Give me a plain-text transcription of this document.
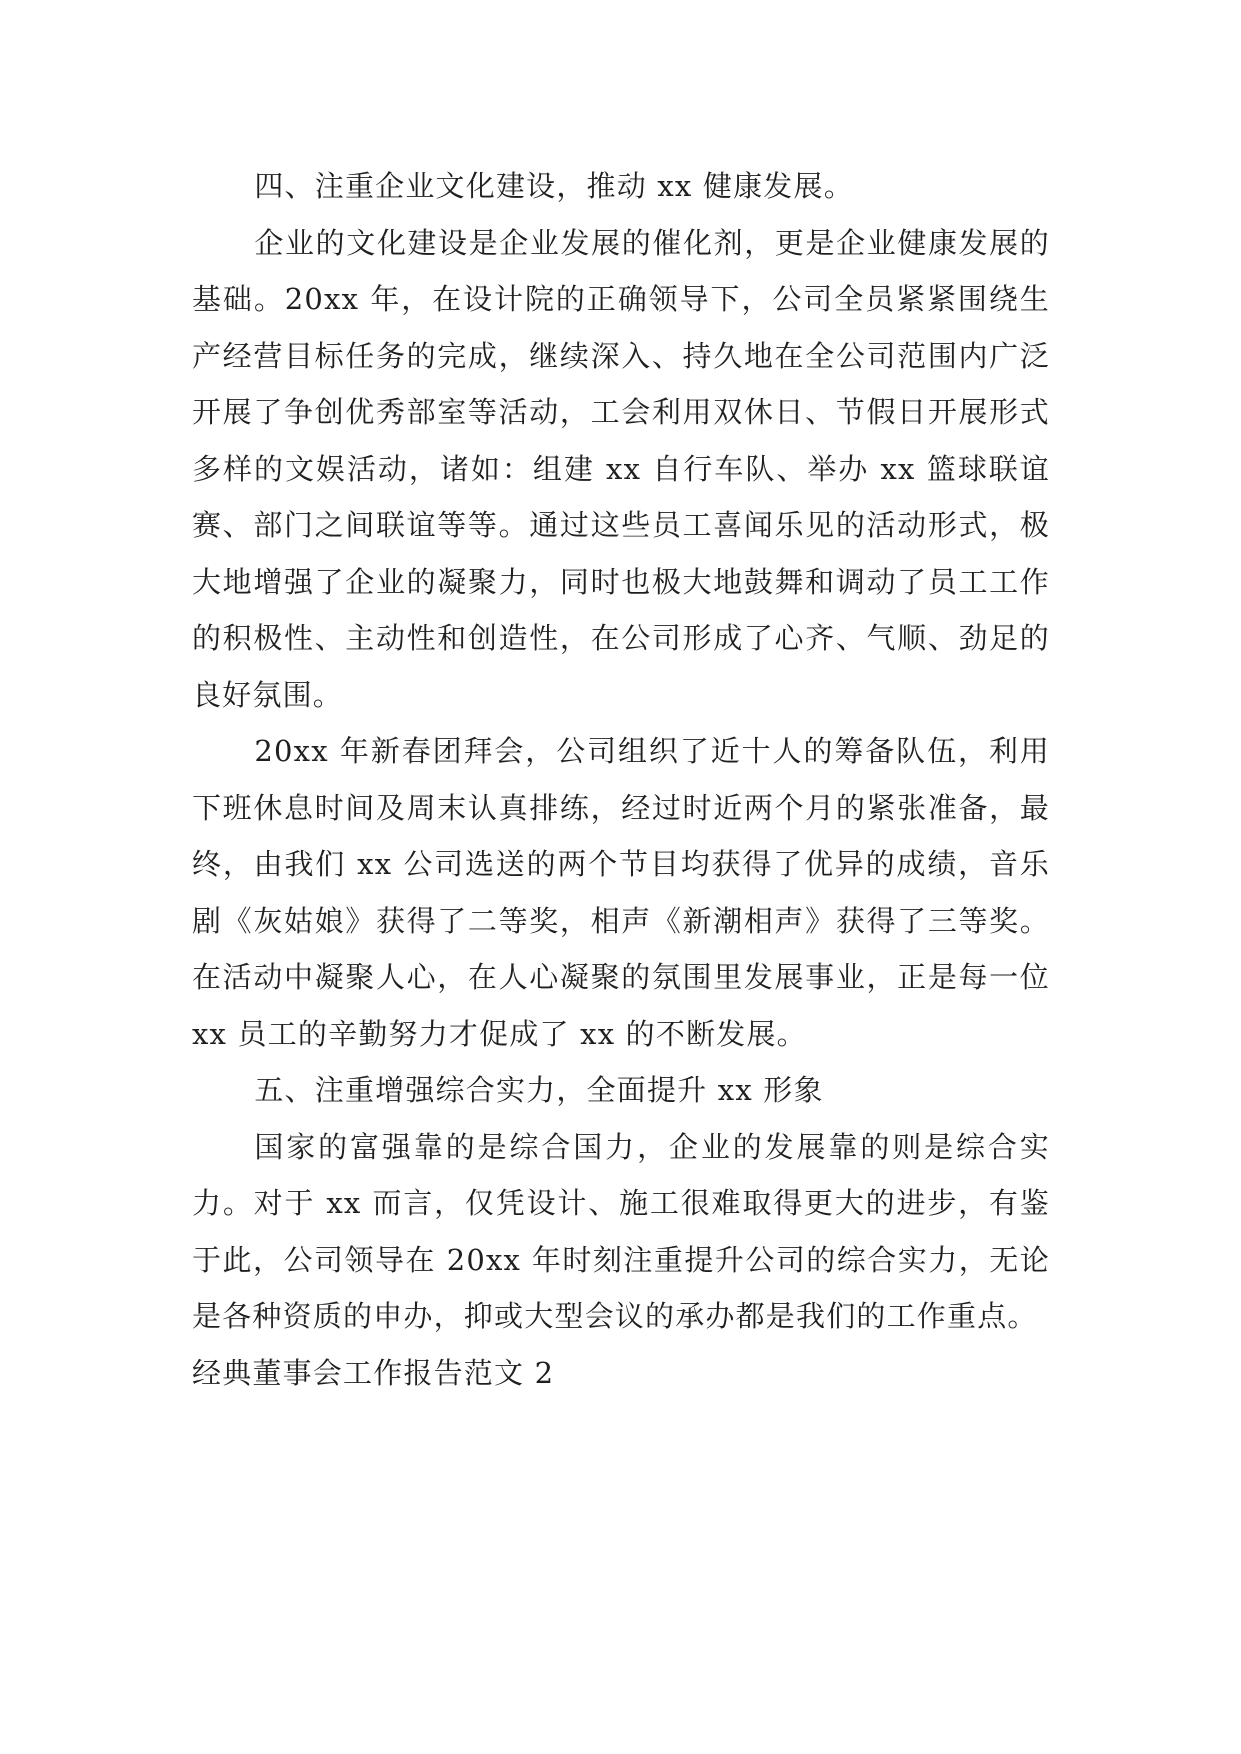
四、注重企业文化建设，推动 xx 健康发展。

企业的文化建设是企业发展的催化剂，更是企业健康发展的基础。20xx 年，在设计院的正确领导下，公司全员紧紧围绕生产经营目标任务的完成，继续深入、持久地在全公司范围内广泛开展了争创优秀部室等活动，工会利用双休日、节假日开展形式多样的文娱活动，诸如：组建 xx 自行车队、举办 xx 篮球联谊赛、部门之间联谊等等。通过这些员工喜闻乐见的活动形式，极大地增强了企业的凝聚力，同时也极大地鼓舞和调动了员工工作的积极性、主动性和创造性，在公司形成了心齐、气顺、劲足的良好氛围。

20xx 年新春团拜会，公司组织了近十人的筹备队伍，利用下班休息时间及周末认真排练，经过时近两个月的紧张准备，最终，由我们 xx 公司选送的两个节目均获得了优异的成绩，音乐剧《灰姑娘》获得了二等奖，相声《新潮相声》获得了三等奖。在活动中凝聚人心，在人心凝聚的氛围里发展事业，正是每一位 xx 员工的辛勤努力才促成了 xx 的不断发展。

五、注重增强综合实力，全面提升 xx 形象

国家的富强靠的是综合国力，企业的发展靠的则是综合实力。对于 xx 而言，仅凭设计、施工很难取得更大的进步，有鉴于此，公司领导在 20xx 年时刻注重提升公司的综合实力，无论是各种资质的申办，抑或大型会议的承办都是我们的工作重点。

经典董事会工作报告范文 2
